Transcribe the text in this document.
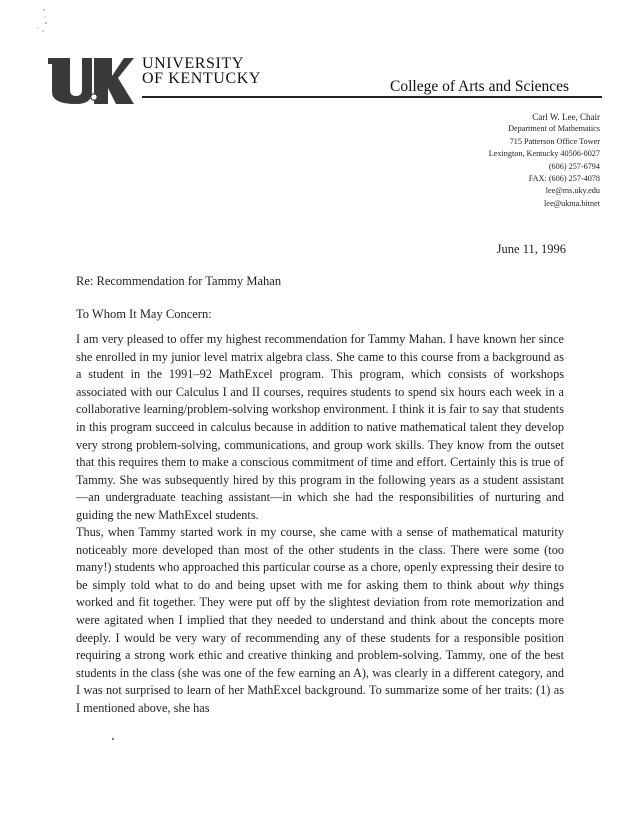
UNIVERSITY
OF KENTUCKY	College of Arts and Sciences
Carl W. Lee, Chair
Department of Mathematics
715 Patterson Office Tower
Lexington, Kentucky 40506-0027
(606) 257-6794
FAX: (606) 257-4078
lee@ms.uky.edu
lee@ukma.bitnet
June 11, 1996
Re: Recommendation for Tammy Mahan
To Whom It May Concern:
I am very pleased to offer my highest recommendation for Tammy Mahan. I have known her since she enrolled in my junior level matrix algebra class. She came to this course from a background as a student in the 1991–92 MathExcel program. This program, which consists of workshops associated with our Calculus I and II courses, requires students to spend six hours each week in a collaborative learning/problem-solving workshop environment. I think it is fair to say that students in this program succeed in calculus because in addition to native mathematical talent they develop very strong problem-solving, communications, and group work skills. They know from the outset that this requires them to make a conscious commitment of time and effort. Certainly this is true of Tammy. She was subsequently hired by this program in the following years as a student assistant—an undergraduate teaching assistant—in which she had the responsibilities of nurturing and guiding the new MathExcel students.
Thus, when Tammy started work in my course, she came with a sense of mathematical maturity noticeably more developed than most of the other students in the class. There were some (too many!) students who approached this particular course as a chore, openly expressing their desire to be simply told what to do and being upset with me for asking them to think about why things worked and fit together. They were put off by the slightest deviation from rote memorization and were agitated when I implied that they needed to understand and think about the concepts more deeply. I would be very wary of recommending any of these students for a responsible position requiring a strong work ethic and creative thinking and problem-solving. Tammy, one of the best students in the class (she was one of the few earning an A), was clearly in a different category, and I was not surprised to learn of her MathExcel background. To summarize some of her traits: (1) as I mentioned above, she has
